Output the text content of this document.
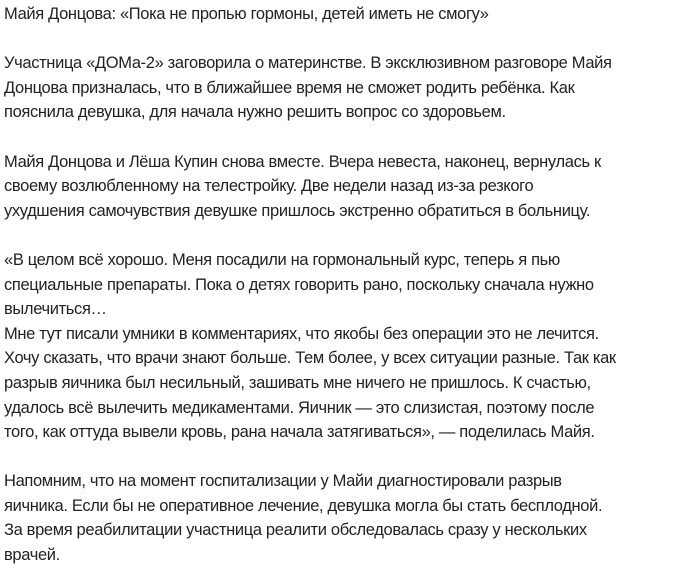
Майя Донцова: «Пока не пропью гормоны, детей иметь не смогу»
Участница «ДОМа-2» заговорила о материнстве. В эксклюзивном разговоре Майя
Донцова призналась, что в ближайшее время не сможет родить ребёнка. Как
пояснила девушка, для начала нужно решить вопрос со здоровьем.
Майя Донцова и Лёша Купин снова вместе. Вчера невеста, наконец, вернулась к
своему возлюбленному на телестройку. Две недели назад из-за резкого
ухудшения самочувствия девушке пришлось экстренно обратиться в больницу.
«В целом всё хорошо. Меня посадили на гормональный курс, теперь я пью
специальные препараты. Пока о детях говорить рано, поскольку сначала нужно
вылечиться…
Мне тут писали умники в комментариях, что якобы без операции это не лечится.
Хочу сказать, что врачи знают больше. Тем более, у всех ситуации разные. Так как
разрыв яичника был несильный, зашивать мне ничего не пришлось. К счастью,
удалось всё вылечить медикаментами. Яичник — это слизистая, поэтому после
того, как оттуда вывели кровь, рана начала затягиваться», — поделилась Майя.
Напомним, что на момент госпитализации у Майи диагностировали разрыв
яичника. Если бы не оперативное лечение, девушка могла бы стать бесплодной.
За время реабилитации участница реалити обследовалась сразу у нескольких
врачей.
